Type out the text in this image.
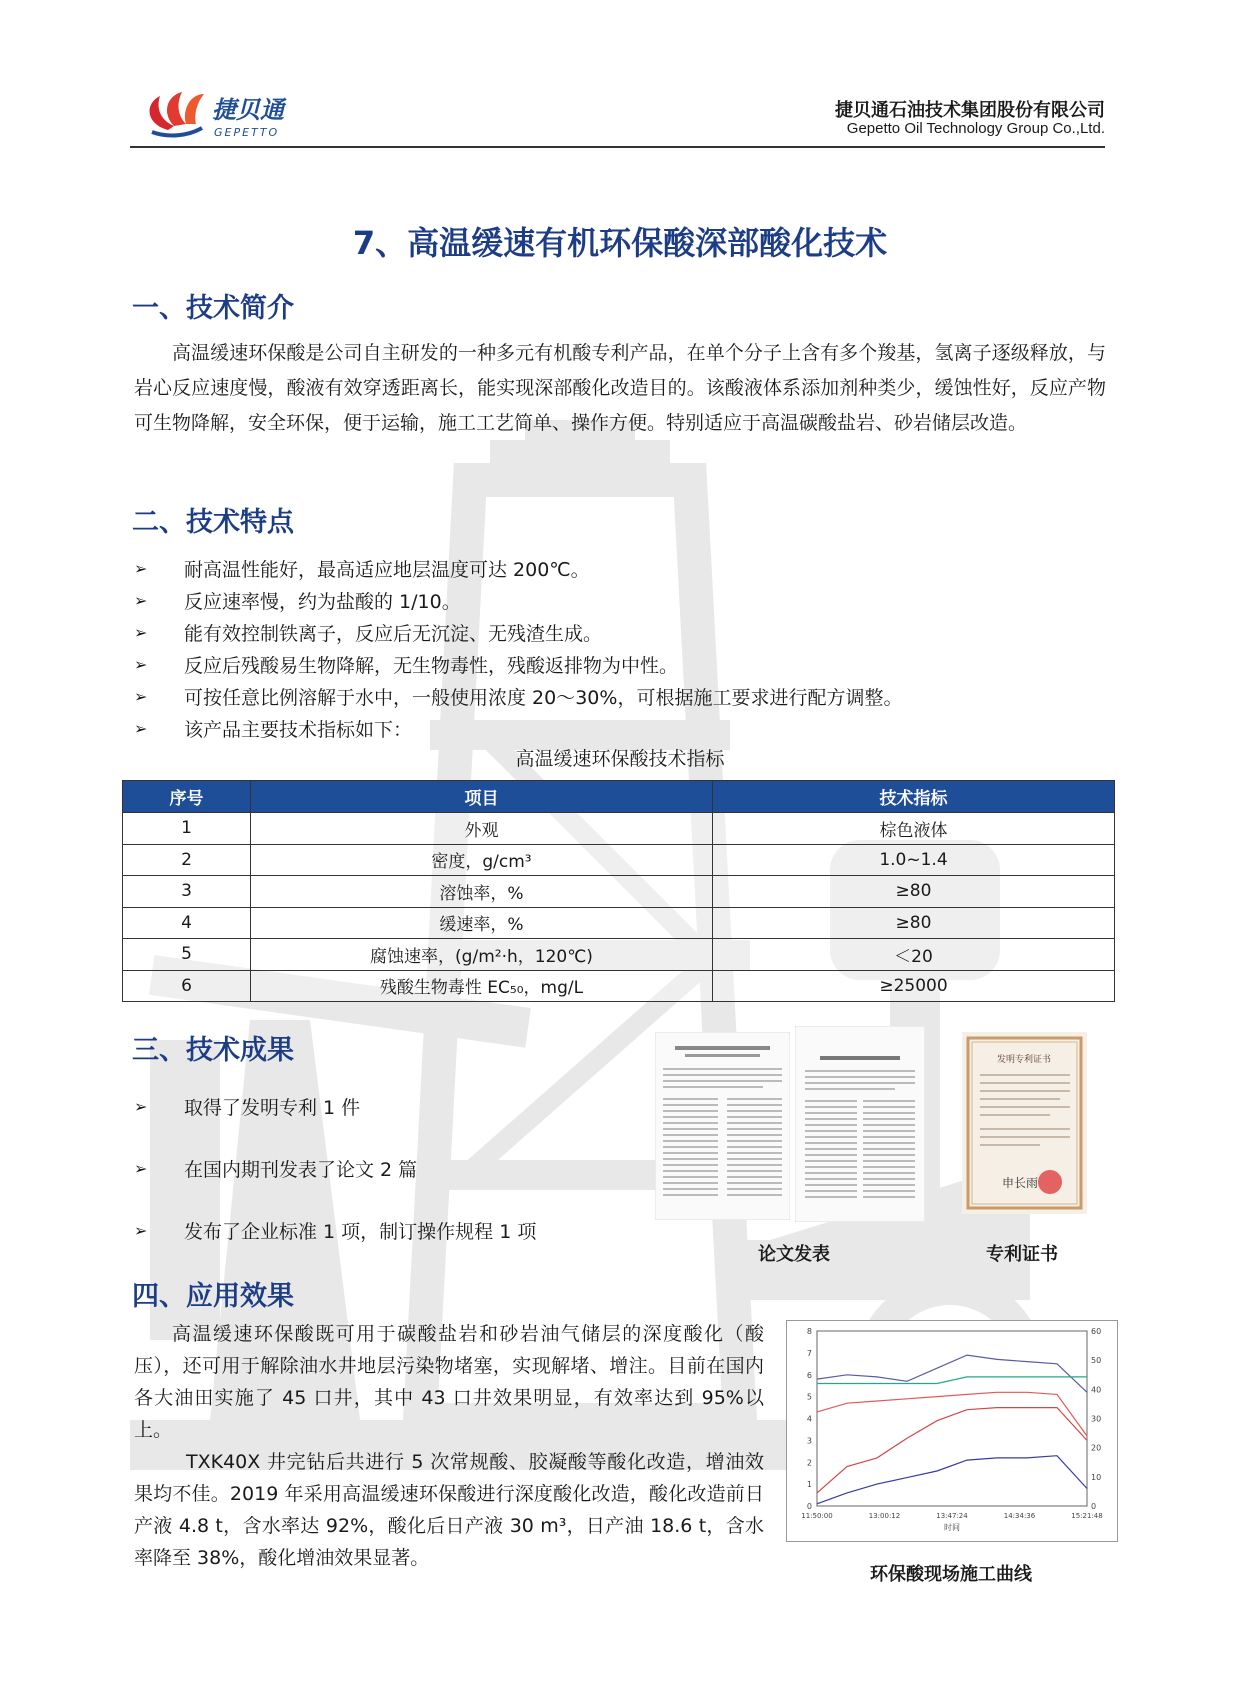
捷贝通
GEPETTO
捷贝通石油技术集团股份有限公司
Gepetto Oil Technology Group Co.,Ltd.
7、高温缓速有机环保酸深部酸化技术
一、技术简介

高温缓速环保酸是公司自主研发的一种多元有机酸专利产品，在单个分子上含有多个羧基，氢离子逐级释放，与岩心反应速度慢，酸液有效穿透距离长，能实现深部酸化改造目的。该酸液体系添加剂种类少，缓蚀性好，反应产物可生物降解，安全环保，便于运输，施工工艺简单、操作方便。特别适应于高温碳酸盐岩、砂岩储层改造。

二、技术特点
➢	耐高温性能好，最高适应地层温度可达 200℃。
➢	反应速率慢，约为盐酸的 1/10。
➢	能有效控制铁离子，反应后无沉淀、无残渣生成。
➢	反应后残酸易生物降解，无生物毒性，残酸返排物为中性。
➢	可按任意比例溶解于水中，一般使用浓度 20～30%，可根据施工要求进行配方调整。
➢	该产品主要技术指标如下：
高温缓速环保酸技术指标
序号	项目	技术指标
1	外观	棕色液体
2	密度，g/cm³	1.0~1.4
3	溶蚀率，%	≥80
4	缓速率，%	≥80
5	腐蚀速率，(g/m²·h，120℃)	＜20
6	残酸生物毒性 EC₅₀，mg/L	≥25000
三、技术成果
➢	取得了发明专利 1 件
➢	在国内期刊发表了论文 2 篇
➢	发布了企业标准 1 项，制订操作规程 1 项
论文发表
发明专利证书
申长雨
专利证书
四、应用效果

高温缓速环保酸既可用于碳酸盐岩和砂岩油气储层的深度酸化（酸压），还可用于解除油水井地层污染物堵塞，实现解堵、增注。目前在国内各大油田实施了 45 口井，其中 43 口井效果明显，有效率达到 95%以上。

TXK40X 井完钻后共进行 5 次常规酸、胶凝酸等酸化改造，增油效果均不佳。2019 年采用高温缓速环保酸进行深度酸化改造，酸化改造前日产液 4.8 t，含水率达 92%，酸化后日产液 30 m³，日产油 18.6 t，含水率降至 38%，酸化增油效果显著。

0
1
2
3
4
5
6
7
8
0
10
20
30
40
50
60
11:50:00	13:00:12	13:47:24	14:34:36	15:21:48
时间
环保酸现场施工曲线
